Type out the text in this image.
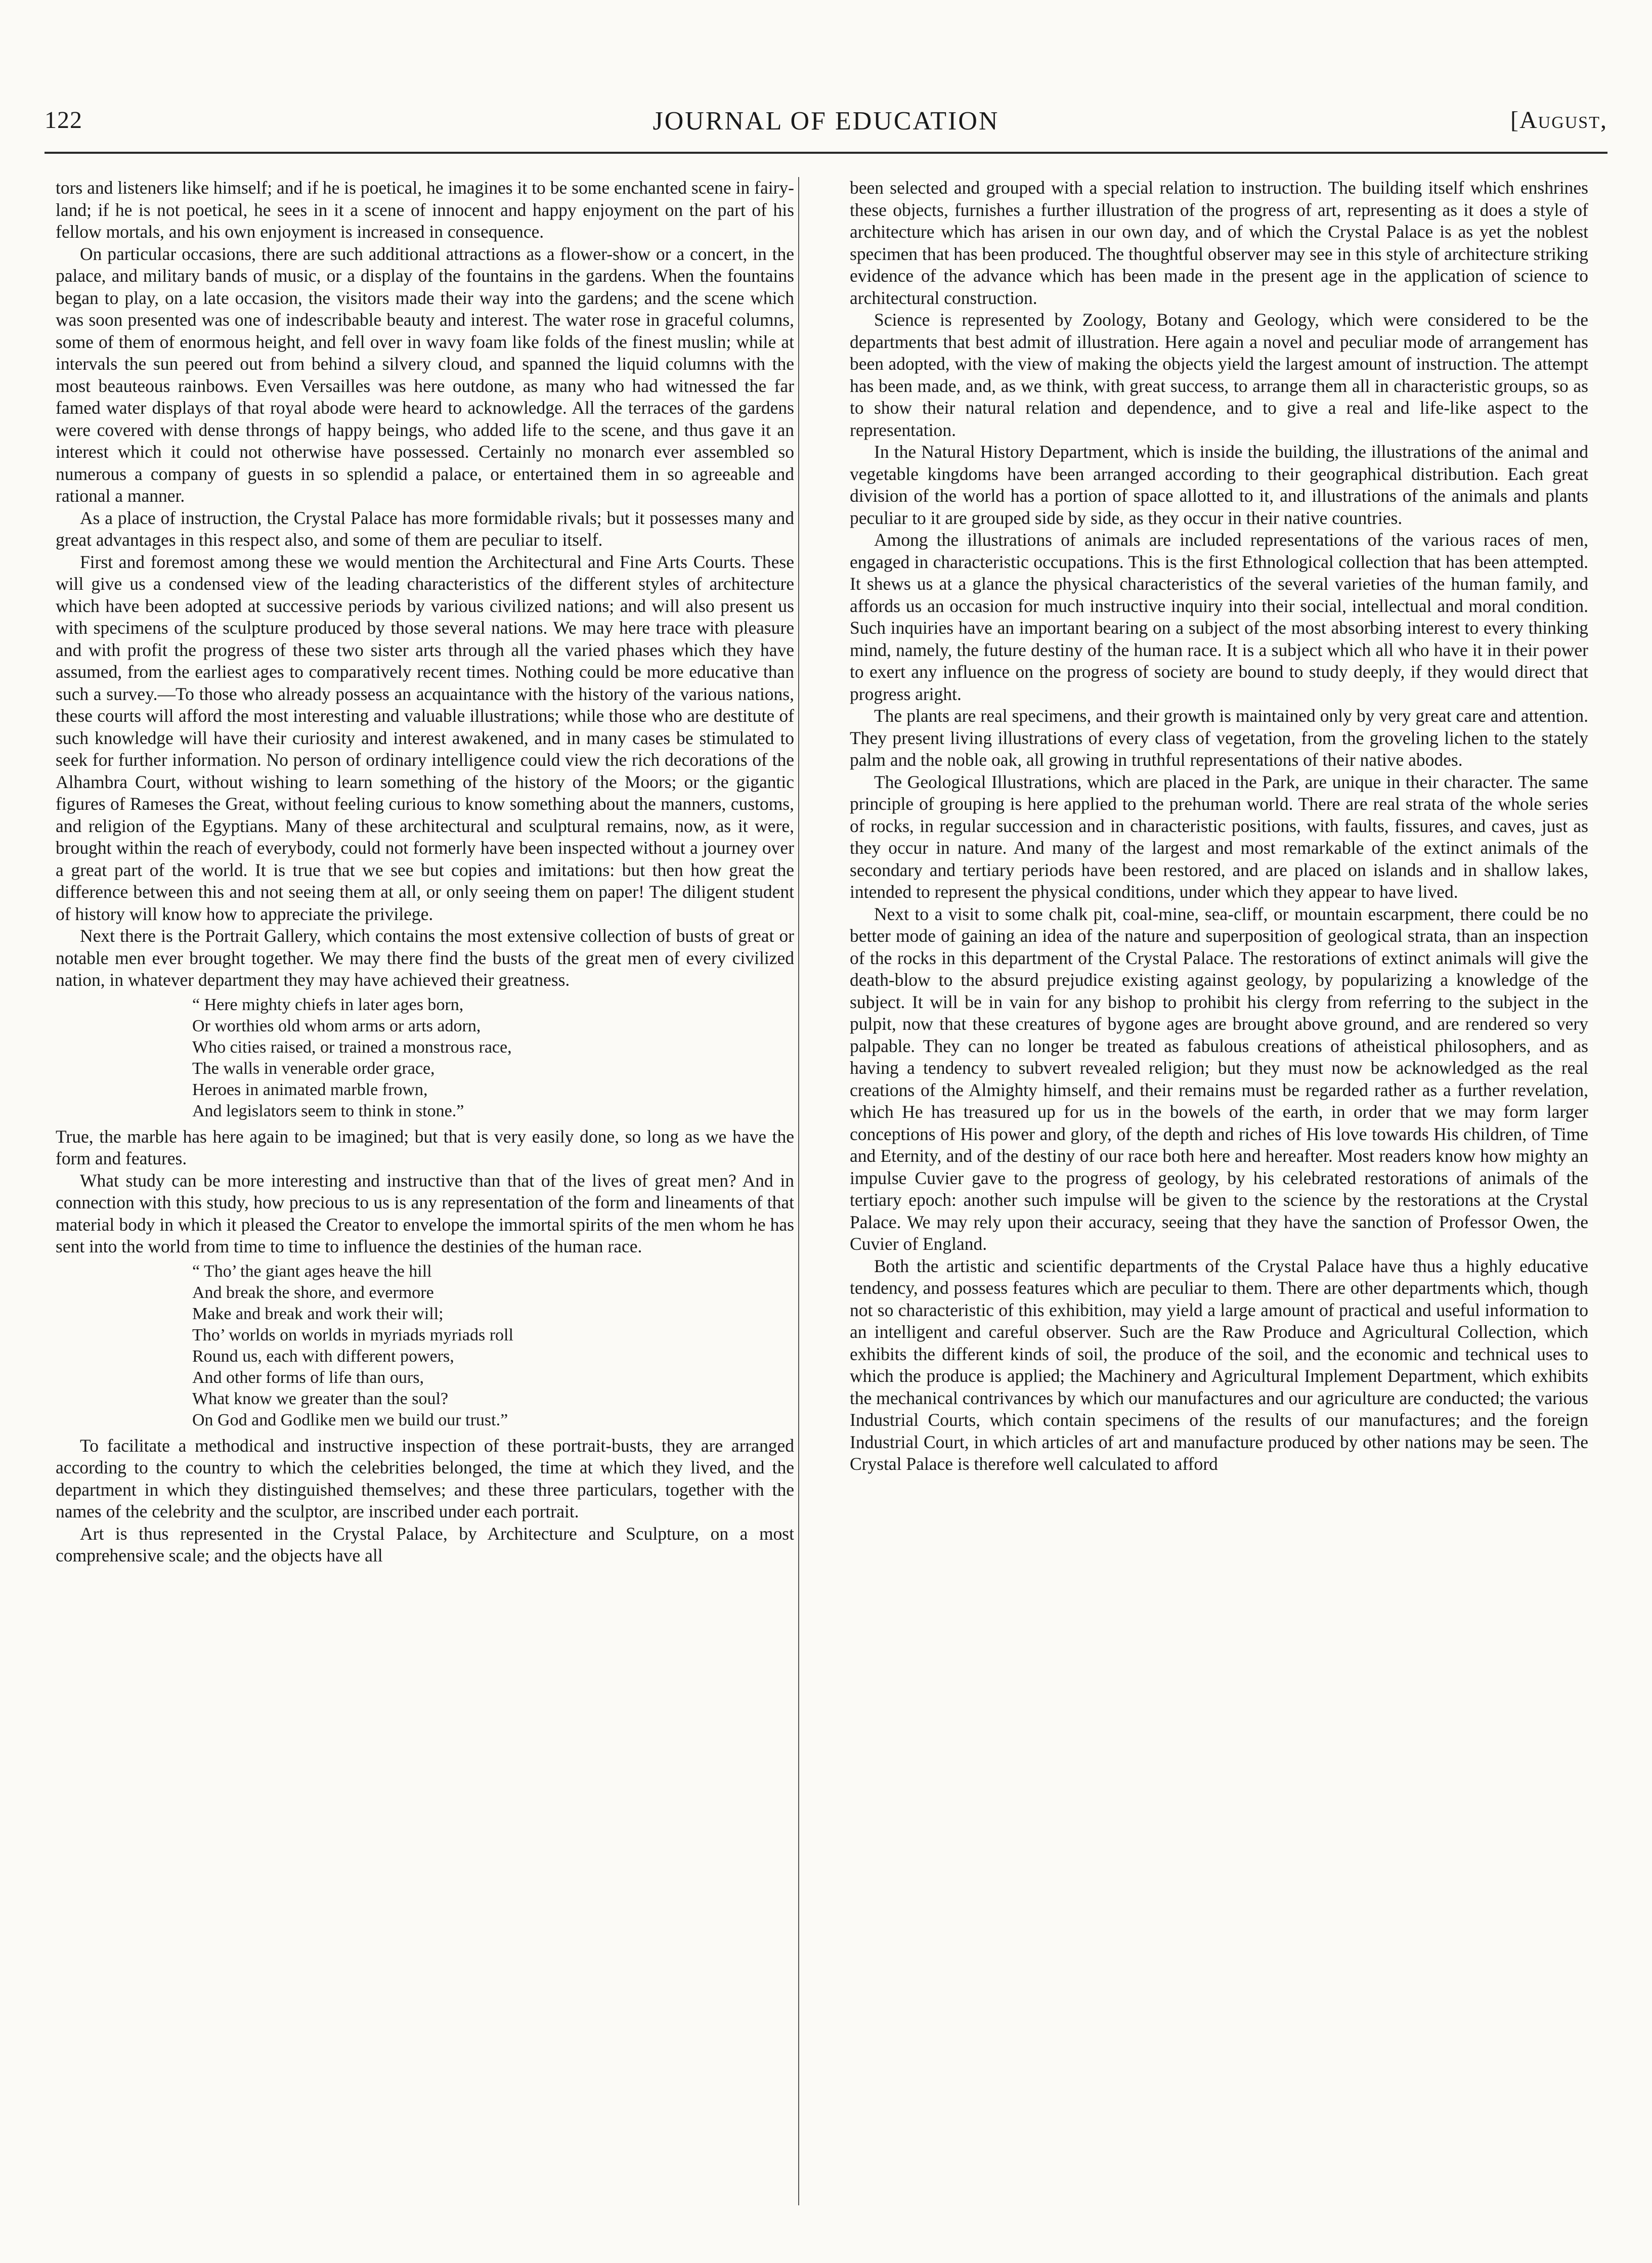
122	JOURNAL OF EDUCATION	[August,

tors and listeners like himself; and if he is poetical, he imagines it to be some enchanted scene in fairy-land; if he is not poetical, he sees in it a scene of innocent and happy enjoyment on the part of his fellow mortals, and his own enjoyment is increased in consequence.

On particular occasions, there are such additional attractions as a flower-show or a concert, in the palace, and military bands of music, or a display of the fountains in the gardens. When the fountains began to play, on a late occasion, the visitors made their way into the gardens; and the scene which was soon presented was one of indescribable beauty and interest. The water rose in graceful columns, some of them of enormous height, and fell over in wavy foam like folds of the finest muslin; while at intervals the sun peered out from behind a silvery cloud, and spanned the liquid columns with the most beauteous rainbows. Even Versailles was here outdone, as many who had witnessed the far famed water displays of that royal abode were heard to acknowledge. All the terraces of the gardens were covered with dense throngs of happy beings, who added life to the scene, and thus gave it an interest which it could not otherwise have possessed. Certainly no monarch ever assembled so numerous a company of guests in so splendid a palace, or entertained them in so agreeable and rational a manner.

As a place of instruction, the Crystal Palace has more formidable rivals; but it possesses many and great advantages in this respect also, and some of them are peculiar to itself.

First and foremost among these we would mention the Architectural and Fine Arts Courts. These will give us a condensed view of the leading characteristics of the different styles of architecture which have been adopted at successive periods by various civilized nations; and will also present us with specimens of the sculpture produced by those several nations. We may here trace with pleasure and with profit the progress of these two sister arts through all the varied phases which they have assumed, from the earliest ages to comparatively recent times. Nothing could be more educative than such a survey.—To those who already possess an acquaintance with the history of the various nations, these courts will afford the most interesting and valuable illustrations; while those who are destitute of such knowledge will have their curiosity and interest awakened, and in many cases be stimulated to seek for further information. No person of ordinary intelligence could view the rich decorations of the Alhambra Court, without wishing to learn something of the history of the Moors; or the gigantic figures of Rameses the Great, without feeling curious to know something about the manners, customs, and religion of the Egyptians. Many of these architectural and sculptural remains, now, as it were, brought within the reach of everybody, could not formerly have been inspected without a journey over a great part of the world. It is true that we see but copies and imitations: but then how great the difference between this and not seeing them at all, or only seeing them on paper! The diligent student of history will know how to appreciate the privilege.

Next there is the Portrait Gallery, which contains the most extensive collection of busts of great or notable men ever brought together. We may there find the busts of the great men of every civilized nation, in whatever department they may have achieved their greatness.

“ Here mighty chiefs in later ages born,
Or worthies old whom arms or arts adorn,
Who cities raised, or trained a monstrous race,
The walls in venerable order grace,
Heroes in animated marble frown,
And legislators seem to think in stone.”

True, the marble has here again to be imagined; but that is very easily done, so long as we have the form and features.

What study can be more interesting and instructive than that of the lives of great men? And in connection with this study, how precious to us is any representation of the form and lineaments of that material body in which it pleased the Creator to envelope the immortal spirits of the men whom he has sent into the world from time to time to influence the destinies of the human race.

“ Tho’ the giant ages heave the hill
And break the shore, and evermore
Make and break and work their will;
Tho’ worlds on worlds in myriads myriads roll
Round us, each with different powers,
And other forms of life than ours,
What know we greater than the soul?
On God and Godlike men we build our trust.”

To facilitate a methodical and instructive inspection of these portrait-busts, they are arranged according to the country to which the celebrities belonged, the time at which they lived, and the department in which they distinguished themselves; and these three particulars, together with the names of the celebrity and the sculptor, are inscribed under each portrait.

Art is thus represented in the Crystal Palace, by Architecture and Sculpture, on a most comprehensive scale; and the objects have all

been selected and grouped with a special relation to instruction. The building itself which enshrines these objects, furnishes a further illustration of the progress of art, representing as it does a style of architecture which has arisen in our own day, and of which the Crystal Palace is as yet the noblest specimen that has been produced. The thoughtful observer may see in this style of architecture striking evidence of the advance which has been made in the present age in the application of science to architectural construction.

Science is represented by Zoology, Botany and Geology, which were considered to be the departments that best admit of illustration. Here again a novel and peculiar mode of arrangement has been adopted, with the view of making the objects yield the largest amount of instruction. The attempt has been made, and, as we think, with great success, to arrange them all in characteristic groups, so as to show their natural relation and dependence, and to give a real and life-like aspect to the representation.

In the Natural History Department, which is inside the building, the illustrations of the animal and vegetable kingdoms have been arranged according to their geographical distribution. Each great division of the world has a portion of space allotted to it, and illustrations of the animals and plants peculiar to it are grouped side by side, as they occur in their native countries.

Among the illustrations of animals are included representations of the various races of men, engaged in characteristic occupations. This is the first Ethnological collection that has been attempted. It shews us at a glance the physical characteristics of the several varieties of the human family, and affords us an occasion for much instructive inquiry into their social, intellectual and moral condition. Such inquiries have an important bearing on a subject of the most absorbing interest to every thinking mind, namely, the future destiny of the human race. It is a subject which all who have it in their power to exert any influence on the progress of society are bound to study deeply, if they would direct that progress aright.

The plants are real specimens, and their growth is maintained only by very great care and attention. They present living illustrations of every class of vegetation, from the groveling lichen to the stately palm and the noble oak, all growing in truthful representations of their native abodes.

The Geological Illustrations, which are placed in the Park, are unique in their character. The same principle of grouping is here applied to the prehuman world. There are real strata of the whole series of rocks, in regular succession and in characteristic positions, with faults, fissures, and caves, just as they occur in nature. And many of the largest and most remarkable of the extinct animals of the secondary and tertiary periods have been restored, and are placed on islands and in shallow lakes, intended to represent the physical conditions, under which they appear to have lived.

Next to a visit to some chalk pit, coal-mine, sea-cliff, or mountain escarpment, there could be no better mode of gaining an idea of the nature and superposition of geological strata, than an inspection of the rocks in this department of the Crystal Palace. The restorations of extinct animals will give the death-blow to the absurd prejudice existing against geology, by popularizing a knowledge of the subject. It will be in vain for any bishop to prohibit his clergy from referring to the subject in the pulpit, now that these creatures of bygone ages are brought above ground, and are rendered so very palpable. They can no longer be treated as fabulous creations of atheistical philosophers, and as having a tendency to subvert revealed religion; but they must now be acknowledged as the real creations of the Almighty himself, and their remains must be regarded rather as a further revelation, which He has treasured up for us in the bowels of the earth, in order that we may form larger conceptions of His power and glory, of the depth and riches of His love towards His children, of Time and Eternity, and of the destiny of our race both here and hereafter. Most readers know how mighty an impulse Cuvier gave to the progress of geology, by his celebrated restorations of animals of the tertiary epoch: another such impulse will be given to the science by the restorations at the Crystal Palace. We may rely upon their accuracy, seeing that they have the sanction of Professor Owen, the Cuvier of England.

Both the artistic and scientific departments of the Crystal Palace have thus a highly educative tendency, and possess features which are peculiar to them. There are other departments which, though not so characteristic of this exhibition, may yield a large amount of practical and useful information to an intelligent and careful observer. Such are the Raw Produce and Agricultural Collection, which exhibits the different kinds of soil, the produce of the soil, and the economic and technical uses to which the produce is applied; the Machinery and Agricultural Implement Department, which exhibits the mechanical contrivances by which our manufactures and our agriculture are conducted; the various Industrial Courts, which contain specimens of the results of our manufactures; and the foreign Industrial Court, in which articles of art and manufacture produced by other nations may be seen. The Crystal Palace is therefore well calculated to afford
